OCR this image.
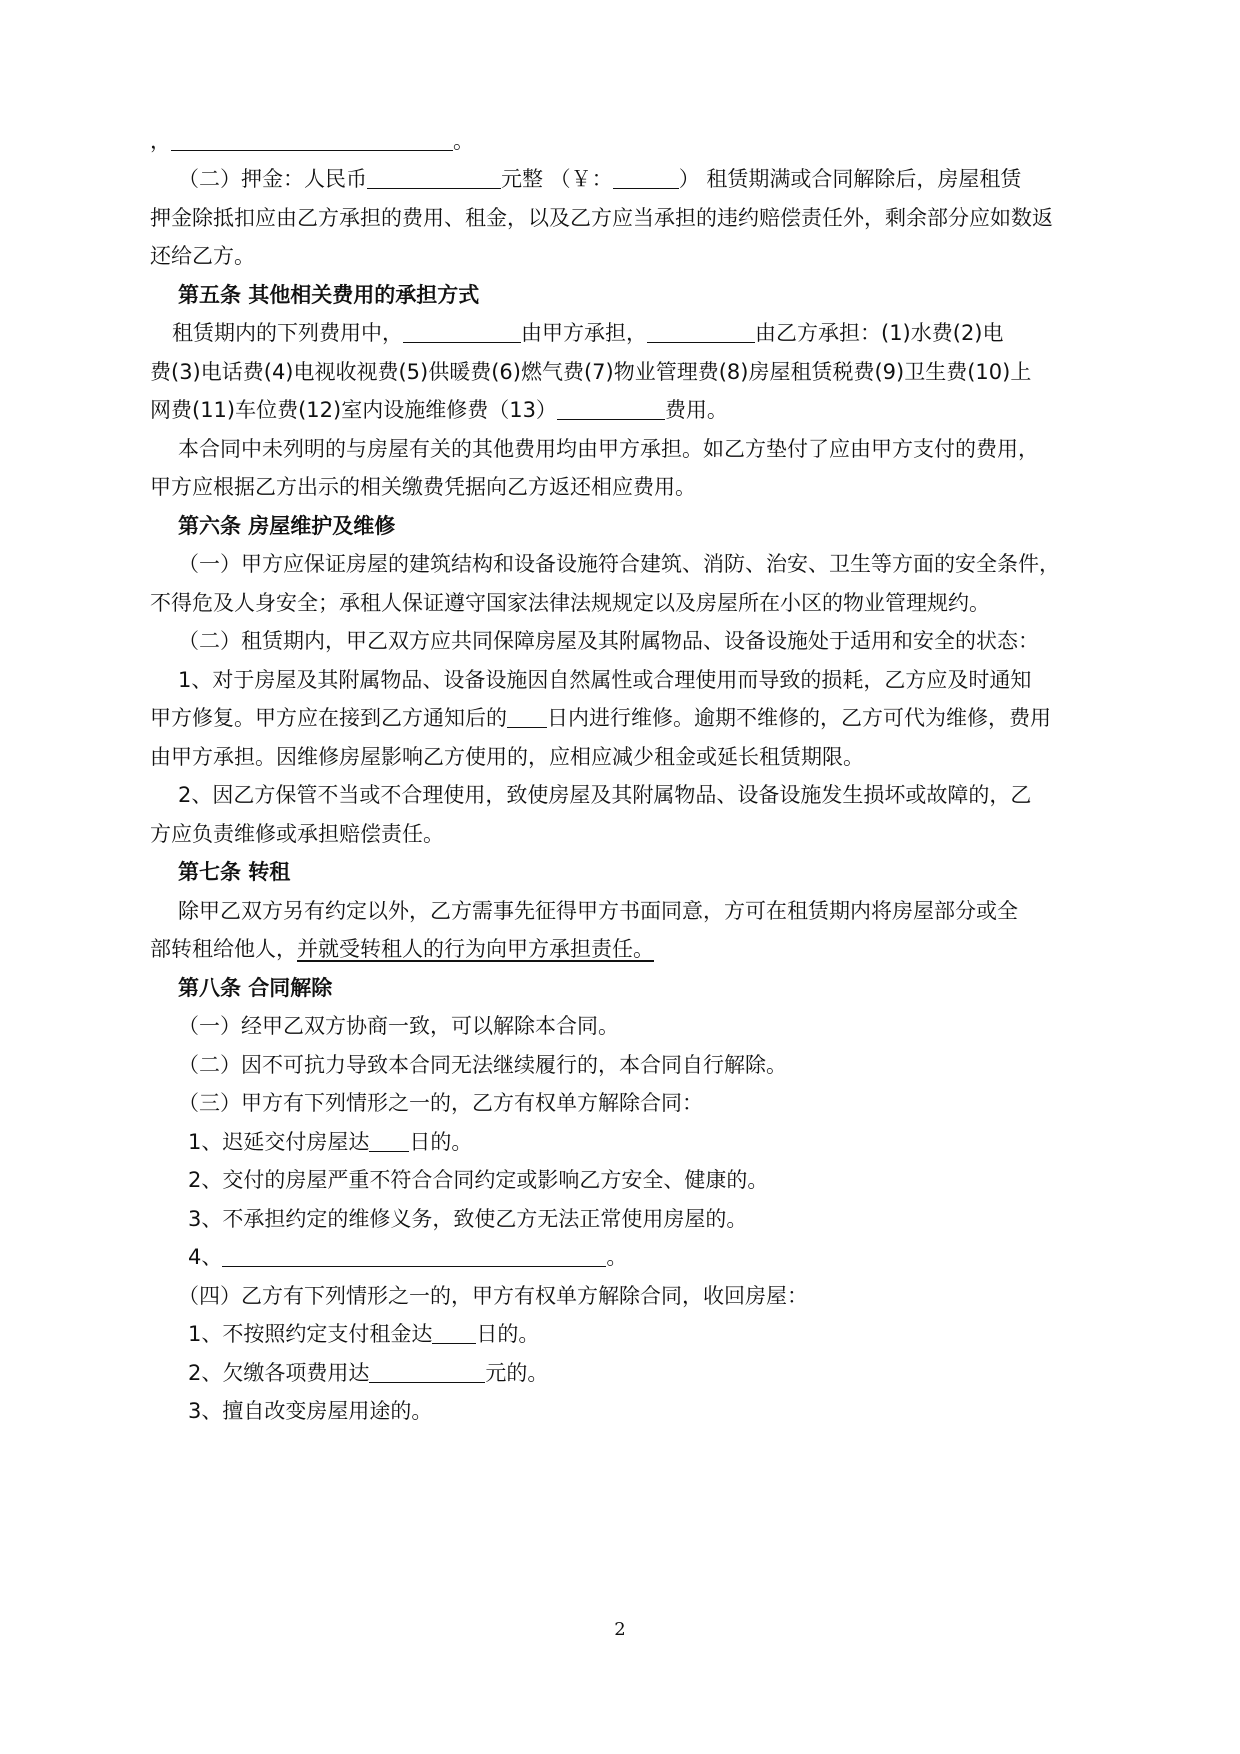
，	。
（二）押金：人民币	元整 （￥：	） 租赁期满或合同解除后，房屋租赁
押金除抵扣应由乙方承担的费用、租金，以及乙方应当承担的违约赔偿责任外，剩余部分应如数返
还给乙方。
第五条 其他相关费用的承担方式
租赁期内的下列费用中，	由甲方承担，	由乙方承担：(1)水费(2)电
费(3)电话费(4)电视收视费(5)供暖费(6)燃气费(7)物业管理费(8)房屋租赁税费(9)卫生费(10)上
网费(11)车位费(12)室内设施维修费（13）	费用。
本合同中未列明的与房屋有关的其他费用均由甲方承担。如乙方垫付了应由甲方支付的费用，
甲方应根据乙方出示的相关缴费凭据向乙方返还相应费用。
第六条 房屋维护及维修
（一）甲方应保证房屋的建筑结构和设备设施符合建筑、消防、治安、卫生等方面的安全条件，
不得危及人身安全；承租人保证遵守国家法律法规规定以及房屋所在小区的物业管理规约。
（二）租赁期内，甲乙双方应共同保障房屋及其附属物品、设备设施处于适用和安全的状态：
1、对于房屋及其附属物品、设备设施因自然属性或合理使用而导致的损耗，乙方应及时通知
甲方修复。甲方应在接到乙方通知后的 日内进行维修。逾期不维修的，乙方可代为维修，费用
由甲方承担。因维修房屋影响乙方使用的，应相应减少租金或延长租赁期限。
2、因乙方保管不当或不合理使用，致使房屋及其附属物品、设备设施发生损坏或故障的，乙
方应负责维修或承担赔偿责任。
第七条 转租
除甲乙双方另有约定以外，乙方需事先征得甲方书面同意，方可在租赁期内将房屋部分或全
部转租给他人，并就受转租人的行为向甲方承担责任。
第八条 合同解除
（一）经甲乙双方协商一致，可以解除本合同。
（二）因不可抗力导致本合同无法继续履行的，本合同自行解除。
（三）甲方有下列情形之一的，乙方有权单方解除合同：
1、迟延交付房屋达 日的。
2、交付的房屋严重不符合合同约定或影响乙方安全、健康的。
3、不承担约定的维修义务，致使乙方无法正常使用房屋的。
4、	。
（四）乙方有下列情形之一的，甲方有权单方解除合同，收回房屋：
1、不按照约定支付租金达 日的。
2、欠缴各项费用达	元的。
3、擅自改变房屋用途的。
2
